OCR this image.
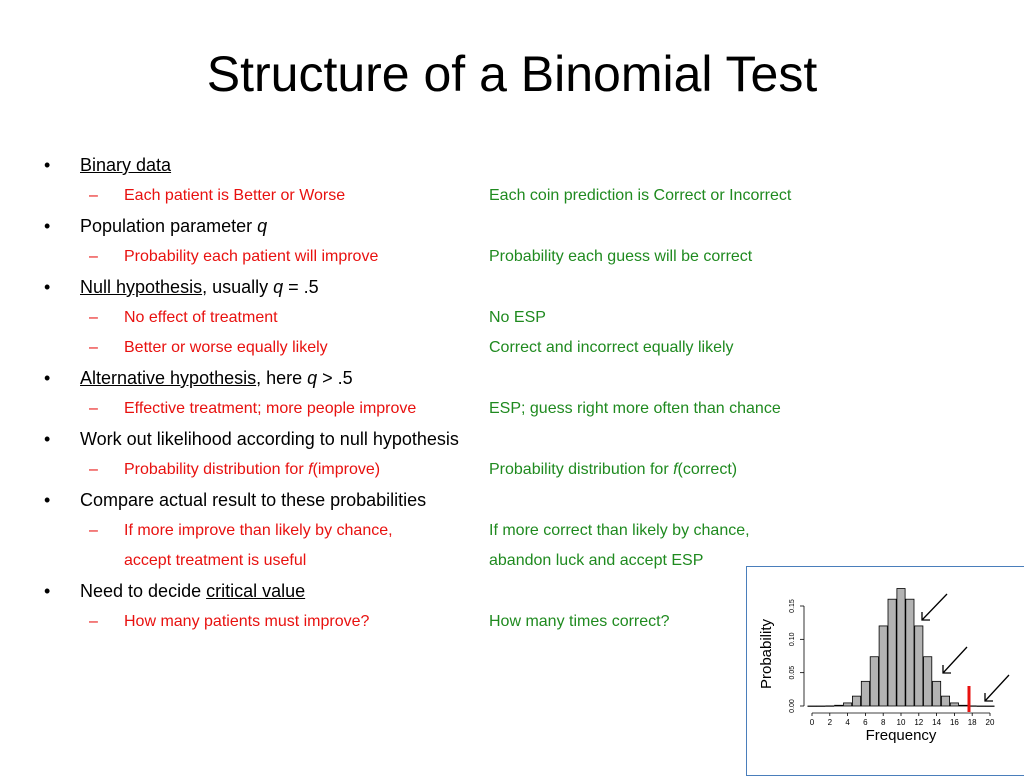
Structure of a Binomial Test
• Binary data
– Each patient is Better or Worse	Each coin prediction is Correct or Incorrect
• Population parameter q
– Probability each patient will improve	Probability each guess will be correct
• Null hypothesis, usually q = .5
– No effect of treatment	No ESP
– Better or worse equally likely	Correct and incorrect equally likely
• Alternative hypothesis, here q > .5
– Effective treatment; more people improve	ESP; guess right more often than chance
• Work out likelihood according to null hypothesis
– Probability distribution for f(improve)	Probability distribution for f(correct)
• Compare actual result to these probabilities
– If more improve than likely by chance,	If more correct than likely by chance,
accept treatment is useful	abandon luck and accept ESP
• Need to decide critical value
– How many patients must improve?	How many times correct?
0.00
0.05
0.10
0.15
0 2 4 6 8 10 12 14 16 18 20
Probability
Frequency
